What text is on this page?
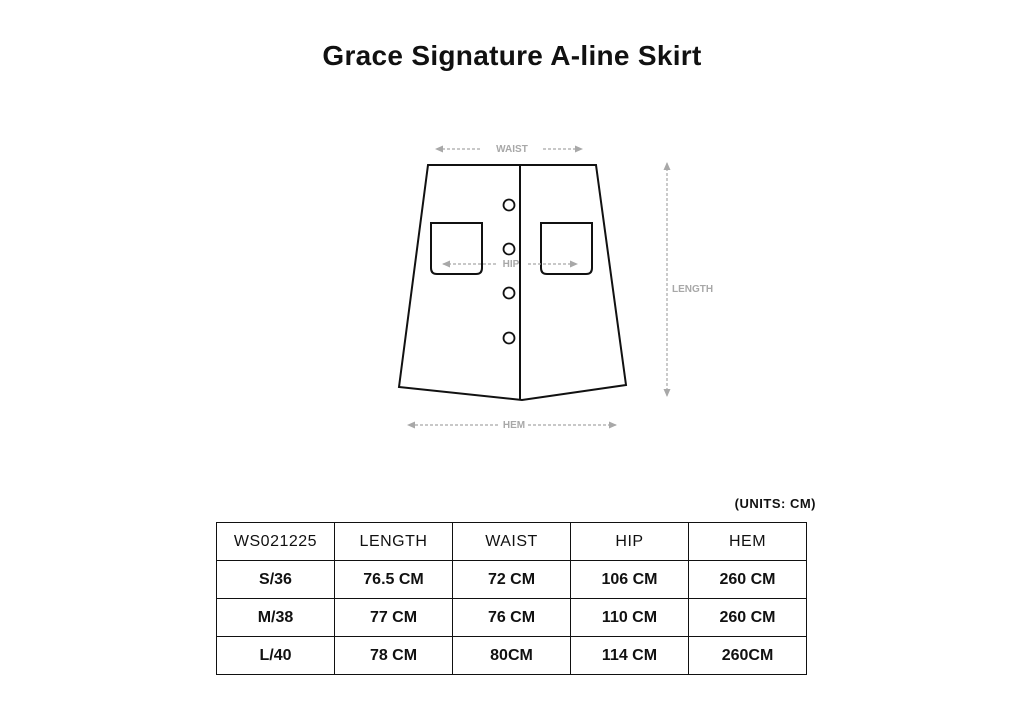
Grace Signature A-line Skirt
WAIST
HIP
LENGTH
HEM
(UNITS: CM)
WS021225	LENGTH	WAIST	HIP	HEM
S/36	76.5 CM	72 CM	106 CM	260 CM
M/38	77 CM	76 CM	110 CM	260 CM
L/40	78 CM	80CM	114 CM	260CM
